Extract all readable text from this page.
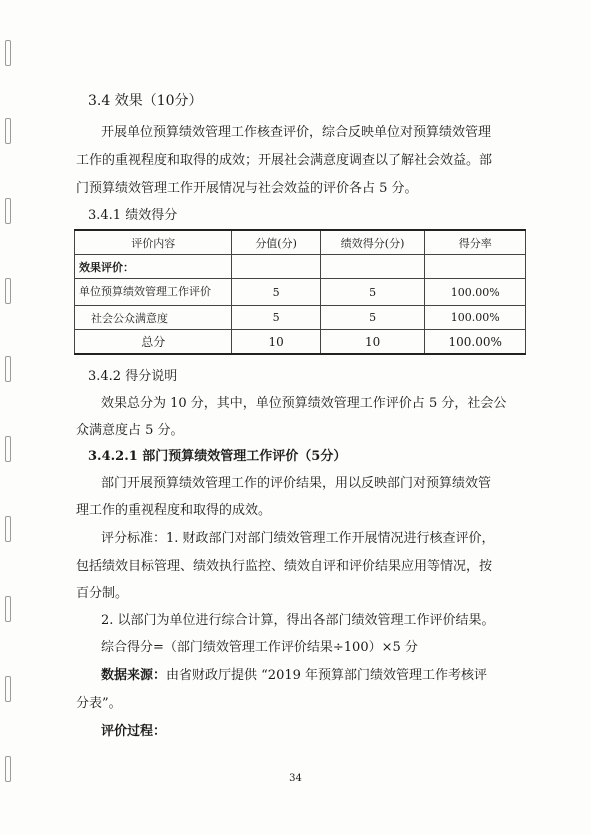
3.4 效果（10分）
开展单位预算绩效管理工作核查评价，综合反映单位对预算绩效管理
工作的重视程度和取得的成效；开展社会满意度调查以了解社会效益。部
门预算绩效管理工作开展情况与社会效益的评价各占 5 分。
3.4.1 绩效得分
评价内容	分值(分)	绩效得分(分)	得分率
效果评价：			

单位预算绩效管理工作评价	5	5	100.00%
社会公众满意度	5	5	100.00%
总分	10	10	100.00%
3.4.2 得分说明
效果总分为 10 分，其中，单位预算绩效管理工作评价占 5 分，社会公
众满意度占 5 分。
3.4.2.1 部门预算绩效管理工作评价（5分）
部门开展预算绩效管理工作的评价结果，用以反映部门对预算绩效管
理工作的重视程度和取得的成效。
评分标准：1. 财政部门对部门绩效管理工作开展情况进行核查评价，
包括绩效目标管理、绩效执行监控、绩效自评和评价结果应用等情况，按
百分制。
2. 以部门为单位进行综合计算，得出各部门绩效管理工作评价结果。
综合得分=（部门绩效管理工作评价结果÷100）×5 分
数据来源：由省财政厅提供 “2019 年预算部门绩效管理工作考核评
分表”。
评价过程：
34
